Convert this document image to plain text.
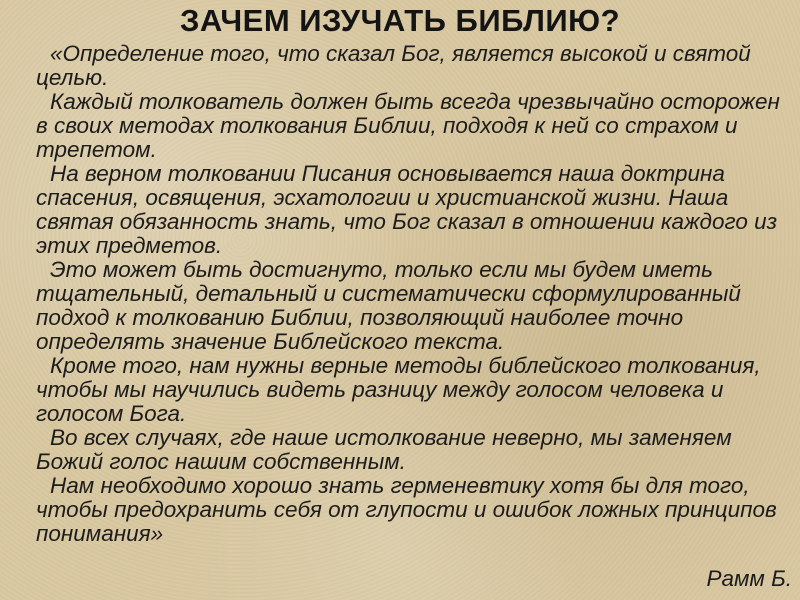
ЗАЧЕМ ИЗУЧАТЬ БИБЛИЮ?

«Определение того, что сказал Бог, является высокой и святой целью.

Каждый толкователь должен быть всегда чрезвычайно осторожен в своих методах толкования Библии, подходя к ней со страхом и трепетом.

На верном толковании Писания основывается наша доктрина спасения, освящения, эсхатологии и христианской жизни. Наша святая обязанность знать, что Бог сказал в отношении каждого из этих предметов.

Это может быть достигнуто, только если мы будем иметь тщательный, детальный и систематически сформулированный подход к толкованию Библии, позволяющий наиболее точно определять значение Библейского текста.

Кроме того, нам нужны верные методы библейского толкования, чтобы мы научились видеть разницу между голосом человека и голосом Бога.

Во всех случаях, где наше истолкование неверно, мы заменяем Божий голос нашим собственным.

Нам необходимо хорошо знать герменевтику хотя бы для того, чтобы предохранить себя от глупости и ошибок ложных принципов понимания»

Рамм Б.
